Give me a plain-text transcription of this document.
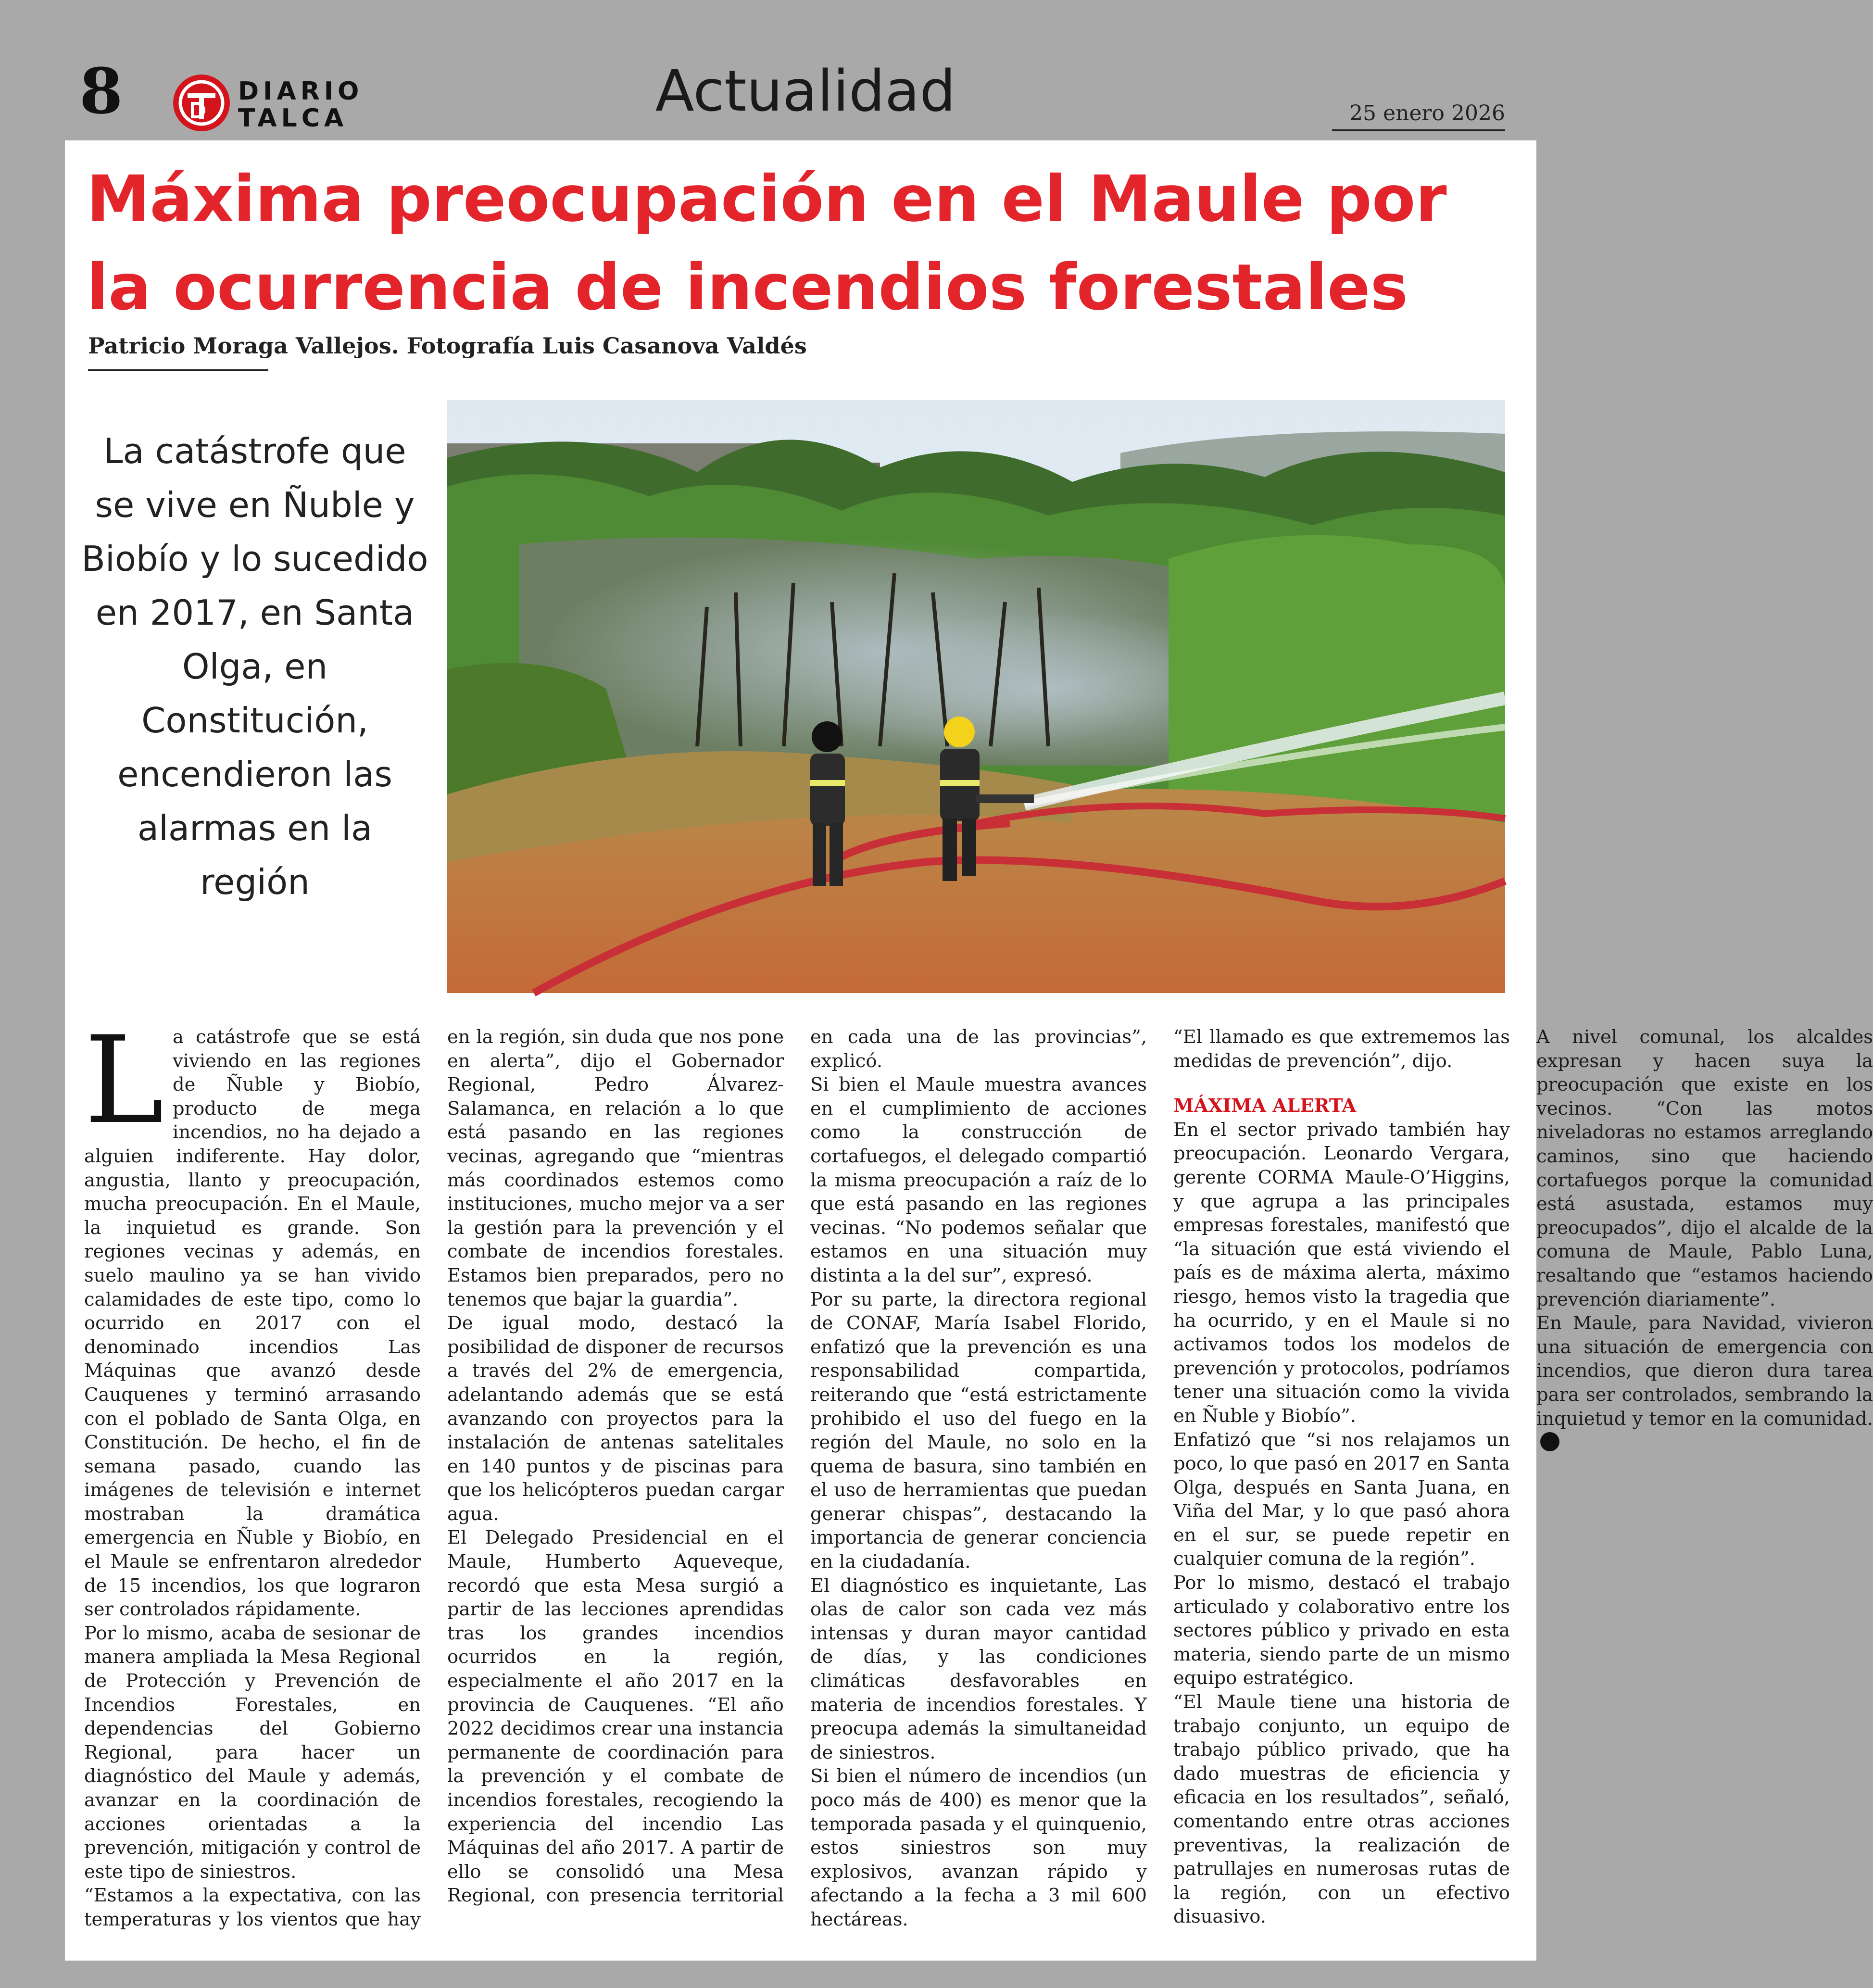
8	DIARIO
TALCA	Actualidad	25 enero 2026
Máxima preocupación en el Maule por la ocurrencia de incendios forestales
Patricio Moraga Vallejos. Fotografía Luis Casanova Valdés
La catástrofe que se vive en Ñuble y Biobío y lo sucedido en 2017, en Santa Olga, en Constitución, encendieron las alarmas en la región

La catástrofe que se está viviendo en las regiones de Ñuble y Biobío, producto de mega incendios, no ha dejado a alguien indiferente. Hay dolor, angustia, llanto y preocupación, mucha preocupación. En el Maule, la inquietud es grande. Son regiones vecinas y además, en suelo maulino ya se han vivido calamidades de este tipo, como lo ocurrido en 2017 con el denominado incendios Las Máquinas que avanzó desde Cauquenes y terminó arrasando con el poblado de Santa Olga, en Constitución. De hecho, el fin de semana pasado, cuando las imágenes de televisión e internet mostraban la dramática emergencia en Ñuble y Biobío, en el Maule se enfrentaron alrededor de 15 incendios, los que lograron ser controlados rápidamente.

Por lo mismo, acaba de sesionar de manera ampliada la Mesa Regional de Protección y Prevención de Incendios Forestales, en dependencias del Gobierno Regional, para hacer un diagnóstico del Maule y además, avanzar en la coordinación de acciones orientadas a la prevención, mitigación y control de este tipo de siniestros.

“Estamos a la expectativa, con las temperaturas y los vientos que hay en la región, sin duda que nos pone en alerta”, dijo el Gobernador Regional, Pedro Álvarez-Salamanca, en relación a lo que está pasando en las regiones vecinas, agregando que “mientras más coordinados estemos como instituciones, mucho mejor va a ser la gestión para la prevención y el combate de incendios forestales. Estamos bien preparados, pero no tenemos que bajar la guardia”.

De igual modo, destacó la posibilidad de disponer de recursos a través del 2% de emergencia, adelantando además que se está avanzando con proyectos para la instalación de antenas satelitales en 140 puntos y de piscinas para que los helicópteros puedan cargar agua.

El Delegado Presidencial en el Maule, Humberto Aqueveque, recordó que esta Mesa surgió a partir de las lecciones aprendidas tras los grandes incendios ocurridos en la región, especialmente el año 2017 en la provincia de Cauquenes. “El año 2022 decidimos crear una instancia permanente de coordinación para la prevención y el combate de incendios forestales, recogiendo la experiencia del incendio Las Máquinas del año 2017. A partir de ello se consolidó una Mesa Regional, con presencia territorial en cada una de las provincias”, explicó.

Si bien el Maule muestra avances en el cumplimiento de acciones como la construcción de cortafuegos, el delegado compartió la misma preocupación a raíz de lo que está pasando en las regiones vecinas. “No podemos señalar que estamos en una situación muy distinta a la del sur”, expresó.

Por su parte, la directora regional de CONAF, María Isabel Florido, enfatizó que la prevención es una responsabilidad compartida, reiterando que “está estrictamente prohibido el uso del fuego en la región del Maule, no solo en la quema de basura, sino también en el uso de herramientas que puedan generar chispas”, destacando la importancia de generar conciencia en la ciudadanía.

El diagnóstico es inquietante, Las olas de calor son cada vez más intensas y duran mayor cantidad de días, y las condiciones climáticas desfavorables en materia de incendios forestales. Y preocupa además la simultaneidad de siniestros.

Si bien el número de incendios (un poco más de 400) es menor que la temporada pasada y el quinquenio, estos siniestros son muy explosivos, avanzan rápido y afectando a la fecha a 3 mil 600 hectáreas.

“El llamado es que extrememos las medidas de prevención”, dijo.

MÁXIMA ALERTA

En el sector privado también hay preocupación. Leonardo Vergara, gerente CORMA Maule-O’Higgins, y que agrupa a las principales empresas forestales, manifestó que “la situación que está viviendo el país es de máxima alerta, máximo riesgo, hemos visto la tragedia que ha ocurrido, y en el Maule si no activamos todos los modelos de prevención y protocolos, podríamos tener una situación como la vivida en Ñuble y Biobío”.

Enfatizó que “si nos relajamos un poco, lo que pasó en 2017 en Santa Olga, después en Santa Juana, en Viña del Mar, y lo que pasó ahora en el sur, se puede repetir en cualquier comuna de la región”.

Por lo mismo, destacó el trabajo articulado y colaborativo entre los sectores público y privado en esta materia, siendo parte de un mismo equipo estratégico.

“El Maule tiene una historia de trabajo conjunto, un equipo de trabajo público privado, que ha dado muestras de eficiencia y eficacia en los resultados”, señaló, comentando entre otras acciones preventivas, la realización de patrullajes en numerosas rutas de la región, con un efectivo disuasivo.

A nivel comunal, los alcaldes expresan y hacen suya la preocupación que existe en los vecinos. “Con las motos niveladoras no estamos arreglando caminos, sino que haciendo cortafuegos porque la comunidad está asustada, estamos muy preocupados”, dijo el alcalde de la comuna de Maule, Pablo Luna, resaltando que “estamos haciendo prevención diariamente”.

En Maule, para Navidad, vivieron una situación de emergencia con incendios, que dieron dura tarea para ser controlados, sembrando la inquietud y temor en la comunidad.
